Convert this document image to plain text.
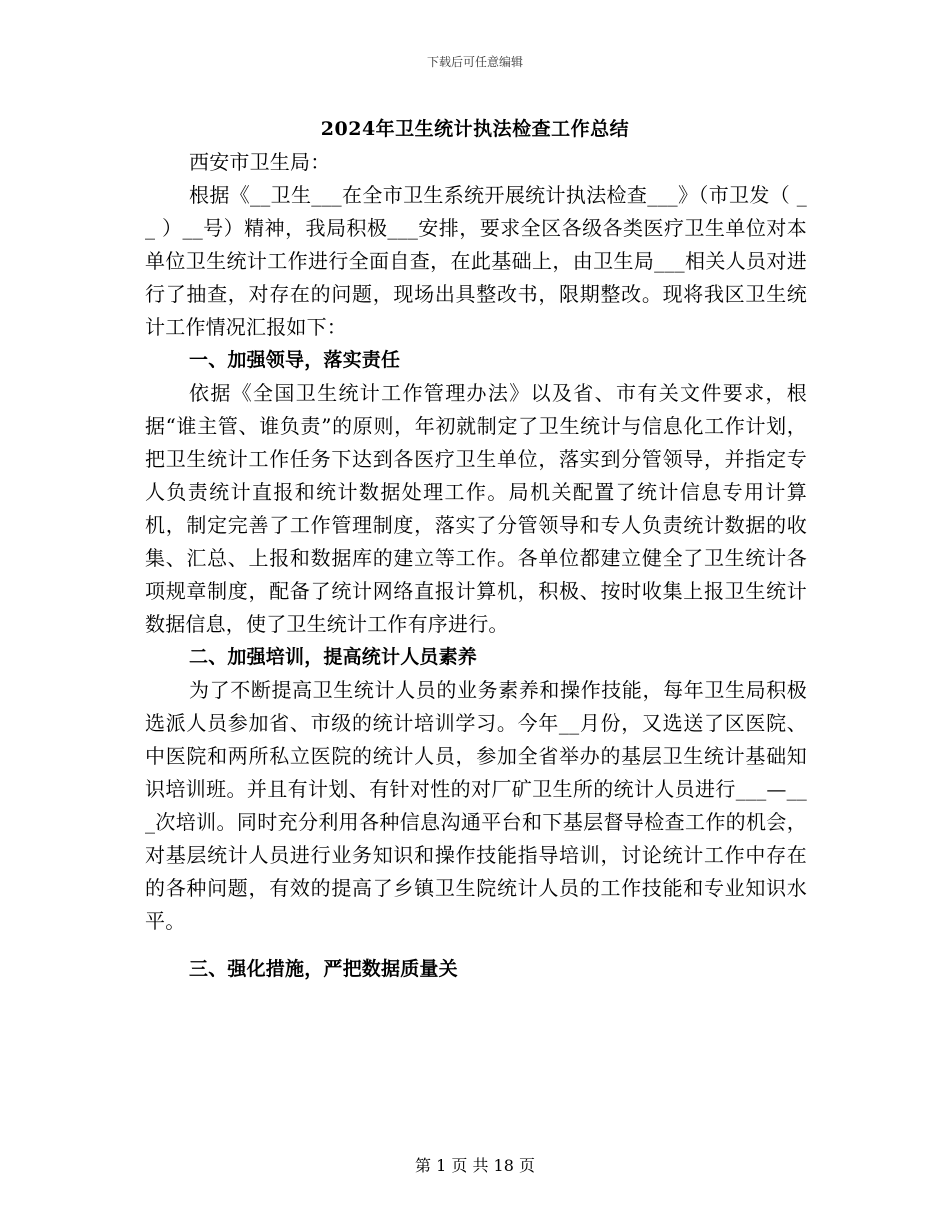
下载后可任意编辑
2024年卫生统计执法检查工作总结

西安市卫生局：

根据《__卫生___在全市卫生系统开展统计执法检查___》（市卫发（ __ ）__号）精神，我局积极___安排，要求全区各级各类医疗卫生单位对本单位卫生统计工作进行全面自查，在此基础上，由卫生局___相关人员对进行了抽查，对存在的问题，现场出具整改书，限期整改。现将我区卫生统计工作情况汇报如下：

一、加强领导，落实责任

依据《全国卫生统计工作管理办法》以及省、市有关文件要求，根据“谁主管、谁负责”的原则，年初就制定了卫生统计与信息化工作计划，把卫生统计工作任务下达到各医疗卫生单位，落实到分管领导，并指定专人负责统计直报和统计数据处理工作。局机关配置了统计信息专用计算机，制定完善了工作管理制度，落实了分管领导和专人负责统计数据的收集、汇总、上报和数据库的建立等工作。各单位都建立健全了卫生统计各项规章制度，配备了统计网络直报计算机，积极、按时收集上报卫生统计数据信息，使了卫生统计工作有序进行。

二、加强培训，提高统计人员素养

为了不断提高卫生统计人员的业务素养和操作技能，每年卫生局积极选派人员参加省、市级的统计培训学习。今年__月份，又选送了区医院、中医院和两所私立医院的统计人员，参加全省举办的基层卫生统计基础知识培训班。并且有计划、有针对性的对厂矿卫生所的统计人员进行___—___次培训。同时充分利用各种信息沟通平台和下基层督导检查工作的机会，对基层统计人员进行业务知识和操作技能指导培训，讨论统计工作中存在的各种问题，有效的提高了乡镇卫生院统计人员的工作技能和专业知识水平。

三、强化措施，严把数据质量关

第 1 页 共 18 页
